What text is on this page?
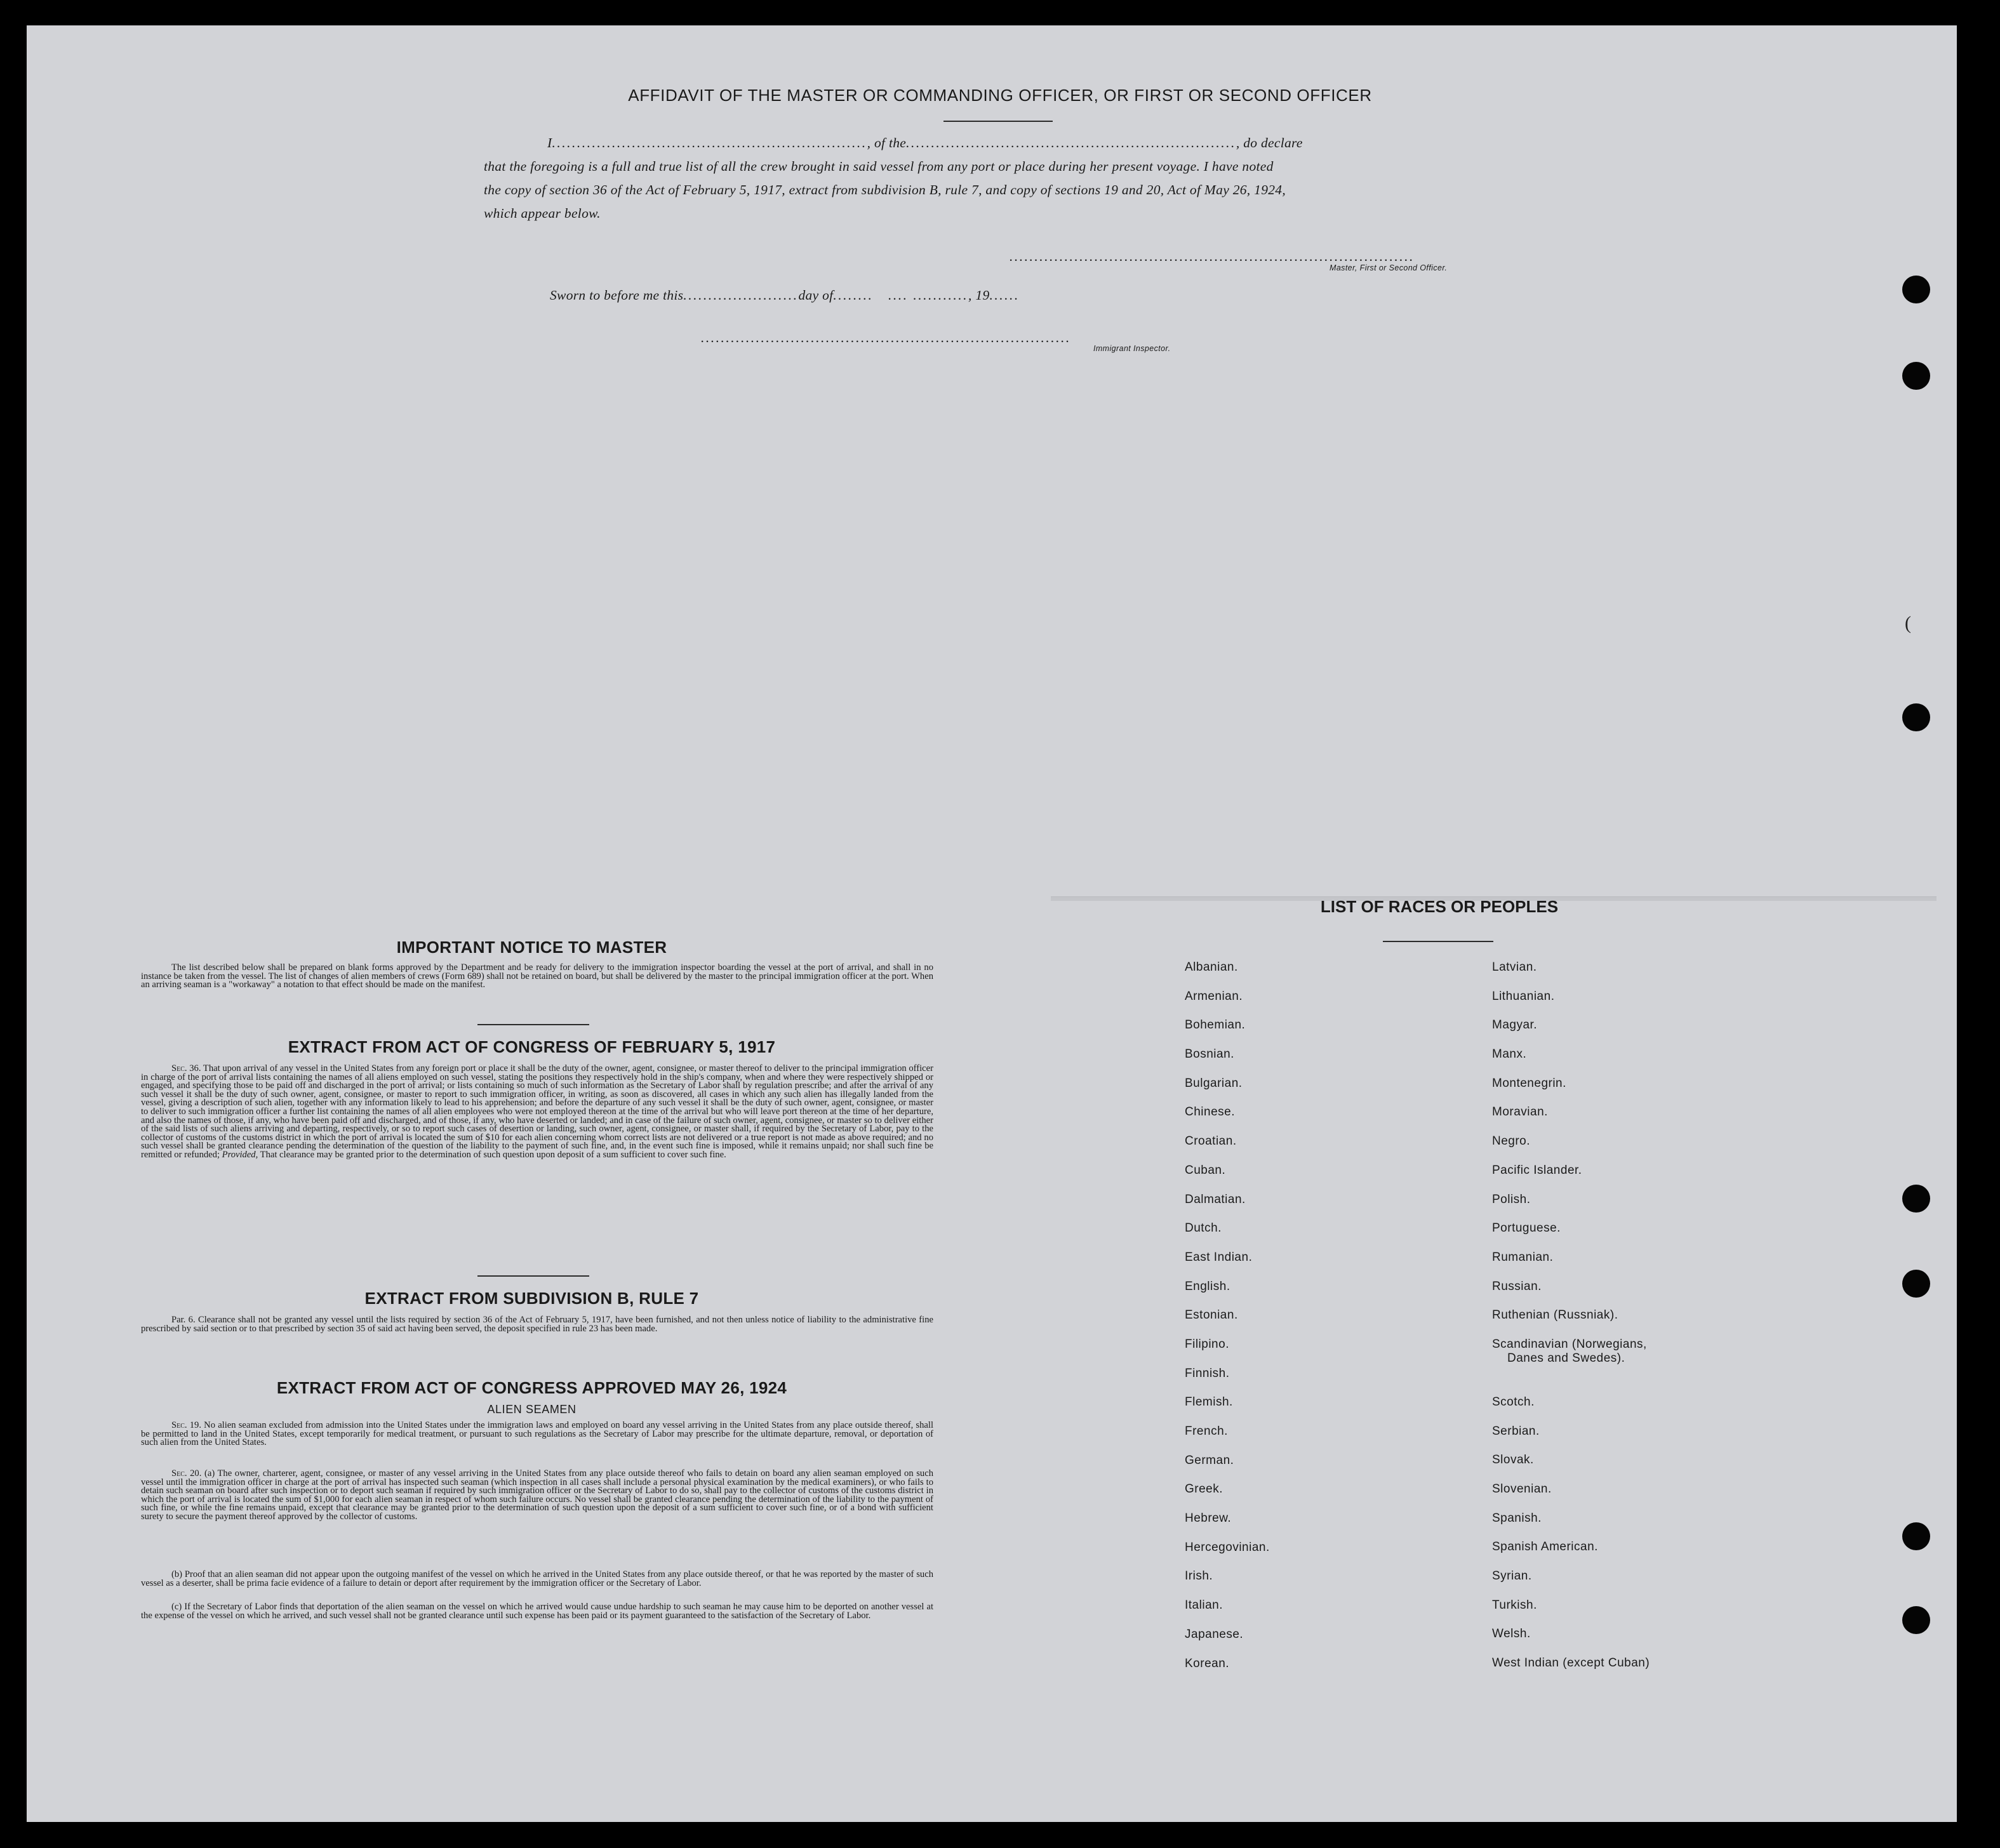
(
AFFIDAVIT OF THE MASTER OR COMMANDING OFFICER, OR FIRST OR SECOND OFFICER
I..............................................................., of the.................................................................., do declare
that the foregoing is a full and true list of all the crew brought in said vessel from any port or place during her present voyage. I have noted
the copy of section 36 of the Act of February 5, 1917, extract from subdivision B, rule 7, and copy of sections 19 and 20, Act of May 26, 1924,
which appear below.
.................................................................................
Master, First or Second Officer.
Sworn to before me this.......................day of........   .... ..........., 19......
..........................................................................
Immigrant Inspector.
IMPORTANT NOTICE TO MASTER

The list described below shall be prepared on blank forms approved by the Department and be ready for delivery to the immigration inspector boarding the vessel at the port of arrival, and shall in no instance be taken from the vessel. The list of changes of alien members of crews (Form 689) shall not be retained on board, but shall be delivered by the master to the principal immigration officer at the port. When an arriving seaman is a "workaway" a notation to that effect should be made on the manifest.

EXTRACT FROM ACT OF CONGRESS OF FEBRUARY 5, 1917

Sec. 36. That upon arrival of any vessel in the United States from any foreign port or place it shall be the duty of the owner, agent, consignee, or master thereof to deliver to the principal immigration officer in charge of the port of arrival lists containing the names of all aliens employed on such vessel, stating the positions they respectively hold in the ship's company, when and where they were respectively shipped or engaged, and specifying those to be paid off and discharged in the port of arrival; or lists containing so much of such information as the Secretary of Labor shall by regulation prescribe; and after the arrival of any such vessel it shall be the duty of such owner, agent, consignee, or master to report to such immigration officer, in writing, as soon as discovered, all cases in which any such alien has illegally landed from the vessel, giving a description of such alien, together with any information likely to lead to his apprehension; and before the departure of any such vessel it shall be the duty of such owner, agent, consignee, or master to deliver to such immigration officer a further list containing the names of all alien employees who were not employed thereon at the time of the arrival but who will leave port thereon at the time of her departure, and also the names of those, if any, who have been paid off and discharged, and of those, if any, who have deserted or landed; and in case of the failure of such owner, agent, consignee, or master so to deliver either of the said lists of such aliens arriving and departing, respectively, or so to report such cases of desertion or landing, such owner, agent, consignee, or master shall, if required by the Secretary of Labor, pay to the collector of customs of the customs district in which the port of arrival is located the sum of $10 for each alien concerning whom correct lists are not delivered or a true report is not made as above required; and no such vessel shall be granted clearance pending the determination of the question of the liability to the payment of such fine, and, in the event such fine is imposed, while it remains unpaid; nor shall such fine be remitted or refunded; Provided, That clearance may be granted prior to the determination of such question upon deposit of a sum sufficient to cover such fine.

EXTRACT FROM SUBDIVISION B, RULE 7

Par. 6. Clearance shall not be granted any vessel until the lists required by section 36 of the Act of February 5, 1917, have been furnished, and not then unless notice of liability to the administrative fine prescribed by said section or to that prescribed by section 35 of said act having been served, the deposit specified in rule 23 has been made.

EXTRACT FROM ACT OF CONGRESS APPROVED MAY 26, 1924
ALIEN SEAMEN

Sec. 19. No alien seaman excluded from admission into the United States under the immigration laws and employed on board any vessel arriving in the United States from any place outside thereof, shall be permitted to land in the United States, except temporarily for medical treatment, or pursuant to such regulations as the Secretary of Labor may prescribe for the ultimate departure, removal, or deportation of such alien from the United States.

Sec. 20. (a) The owner, charterer, agent, consignee, or master of any vessel arriving in the United States from any place outside thereof who fails to detain on board any alien seaman employed on such vessel until the immigration officer in charge at the port of arrival has inspected such seaman (which inspection in all cases shall include a personal physical examination by the medical examiners), or who fails to detain such seaman on board after such inspection or to deport such seaman if required by such immigration officer or the Secretary of Labor to do so, shall pay to the collector of customs of the customs district in which the port of arrival is located the sum of $1,000 for each alien seaman in respect of whom such failure occurs. No vessel shall be granted clearance pending the determination of the liability to the payment of such fine, or while the fine remains unpaid, except that clearance may be granted prior to the determination of such question upon the deposit of a sum sufficient to cover such fine, or of a bond with sufficient surety to secure the payment thereof approved by the collector of customs.

(b) Proof that an alien seaman did not appear upon the outgoing manifest of the vessel on which he arrived in the United States from any place outside thereof, or that he was reported by the master of such vessel as a deserter, shall be prima facie evidence of a failure to detain or deport after requirement by the immigration officer or the Secretary of Labor.

(c) If the Secretary of Labor finds that deportation of the alien seaman on the vessel on which he arrived would cause undue hardship to such seaman he may cause him to be deported on another vessel at the expense of the vessel on which he arrived, and such vessel shall not be granted clearance until such expense has been paid or its payment guaranteed to the satisfaction of the Secretary of Labor.

LIST OF RACES OR PEOPLES
Albanian.
Armenian.
Bohemian.
Bosnian.
Bulgarian.
Chinese.
Croatian.
Cuban.
Dalmatian.
Dutch.
East Indian.
English.
Estonian.
Filipino.
Finnish.
Flemish.
French.
German.
Greek.
Hebrew.
Hercegovinian.
Irish.
Italian.
Japanese.
Korean.
Latvian.
Lithuanian.
Magyar.
Manx.
Montenegrin.
Moravian.
Negro.
Pacific Islander.
Polish.
Portuguese.
Rumanian.
Russian.
Ruthenian (Russniak).
Scandinavian (Norwegians,
Danes and Swedes).
Scotch.
Serbian.
Slovak.
Slovenian.
Spanish.
Spanish American.
Syrian.
Turkish.
Welsh.
West Indian (except Cuban)
